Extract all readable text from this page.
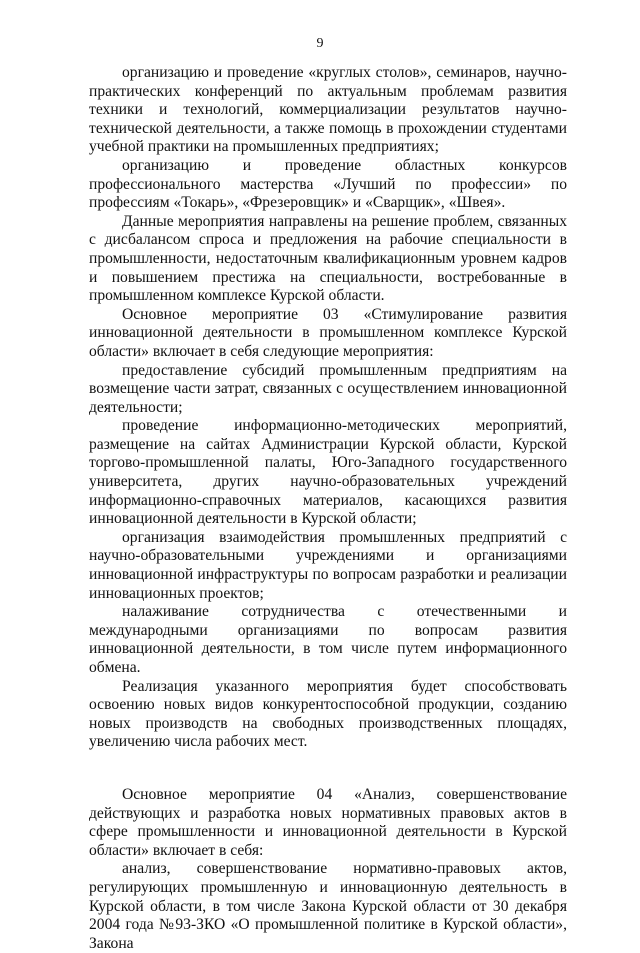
9

организацию и проведение «круглых столов», семинаров, научно-практических конференций по актуальным проблемам развития техники и технологий, коммерциализации результатов научно-технической деятельности, а также помощь в прохождении студентами учебной практики на промышленных предприятиях;

организацию и проведение областных конкурсов профессионального мастерства «Лучший по профессии» по профессиям «Токарь», «Фрезеровщик» и «Сварщик», «Швея».

Данные мероприятия направлены на решение проблем, связанных с дисбалансом спроса и предложения на рабочие специальности в промышленности, недостаточным квалификационным уровнем кадров и повышением престижа на специальности, востребованные в промышленном комплексе Курской области.

Основное мероприятие 03 «Стимулирование развития инновационной деятельности в промышленном комплексе Курской области» включает в себя следующие мероприятия:

предоставление субсидий промышленным предприятиям на возмещение части затрат, связанных с осуществлением инновационной деятельности;

проведение информационно-методических мероприятий, размещение на сайтах Администрации Курской области, Курской торгово-промышленной палаты, Юго-Западного государственного университета, других научно-образовательных учреждений информационно-справочных материалов, касающихся развития инновационной деятельности в Курской области;

организация взаимодействия промышленных предприятий с научно-образовательными учреждениями и организациями инновационной инфраструктуры по вопросам разработки и реализации инновационных проектов;

налаживание сотрудничества с отечественными и международными организациями по вопросам развития инновационной деятельности, в том числе путем информационного обмена.

Реализация указанного мероприятия будет способствовать освоению новых видов конкурентоспособной продукции, созданию новых производств на свободных производственных площадях, увеличению числа рабочих мест.

Основное мероприятие 04 «Анализ, совершенствование действующих и разработка новых нормативных правовых актов в сфере промышленности и инновационной деятельности в Курской области» включает в себя:

анализ, совершенствование нормативно-правовых актов, регулирующих промышленную и инновационную деятельность в Курской области, в том числе Закона Курской области от 30 декабря 2004 года №93-ЗКО «О промышленной политике в Курской области», Закона
